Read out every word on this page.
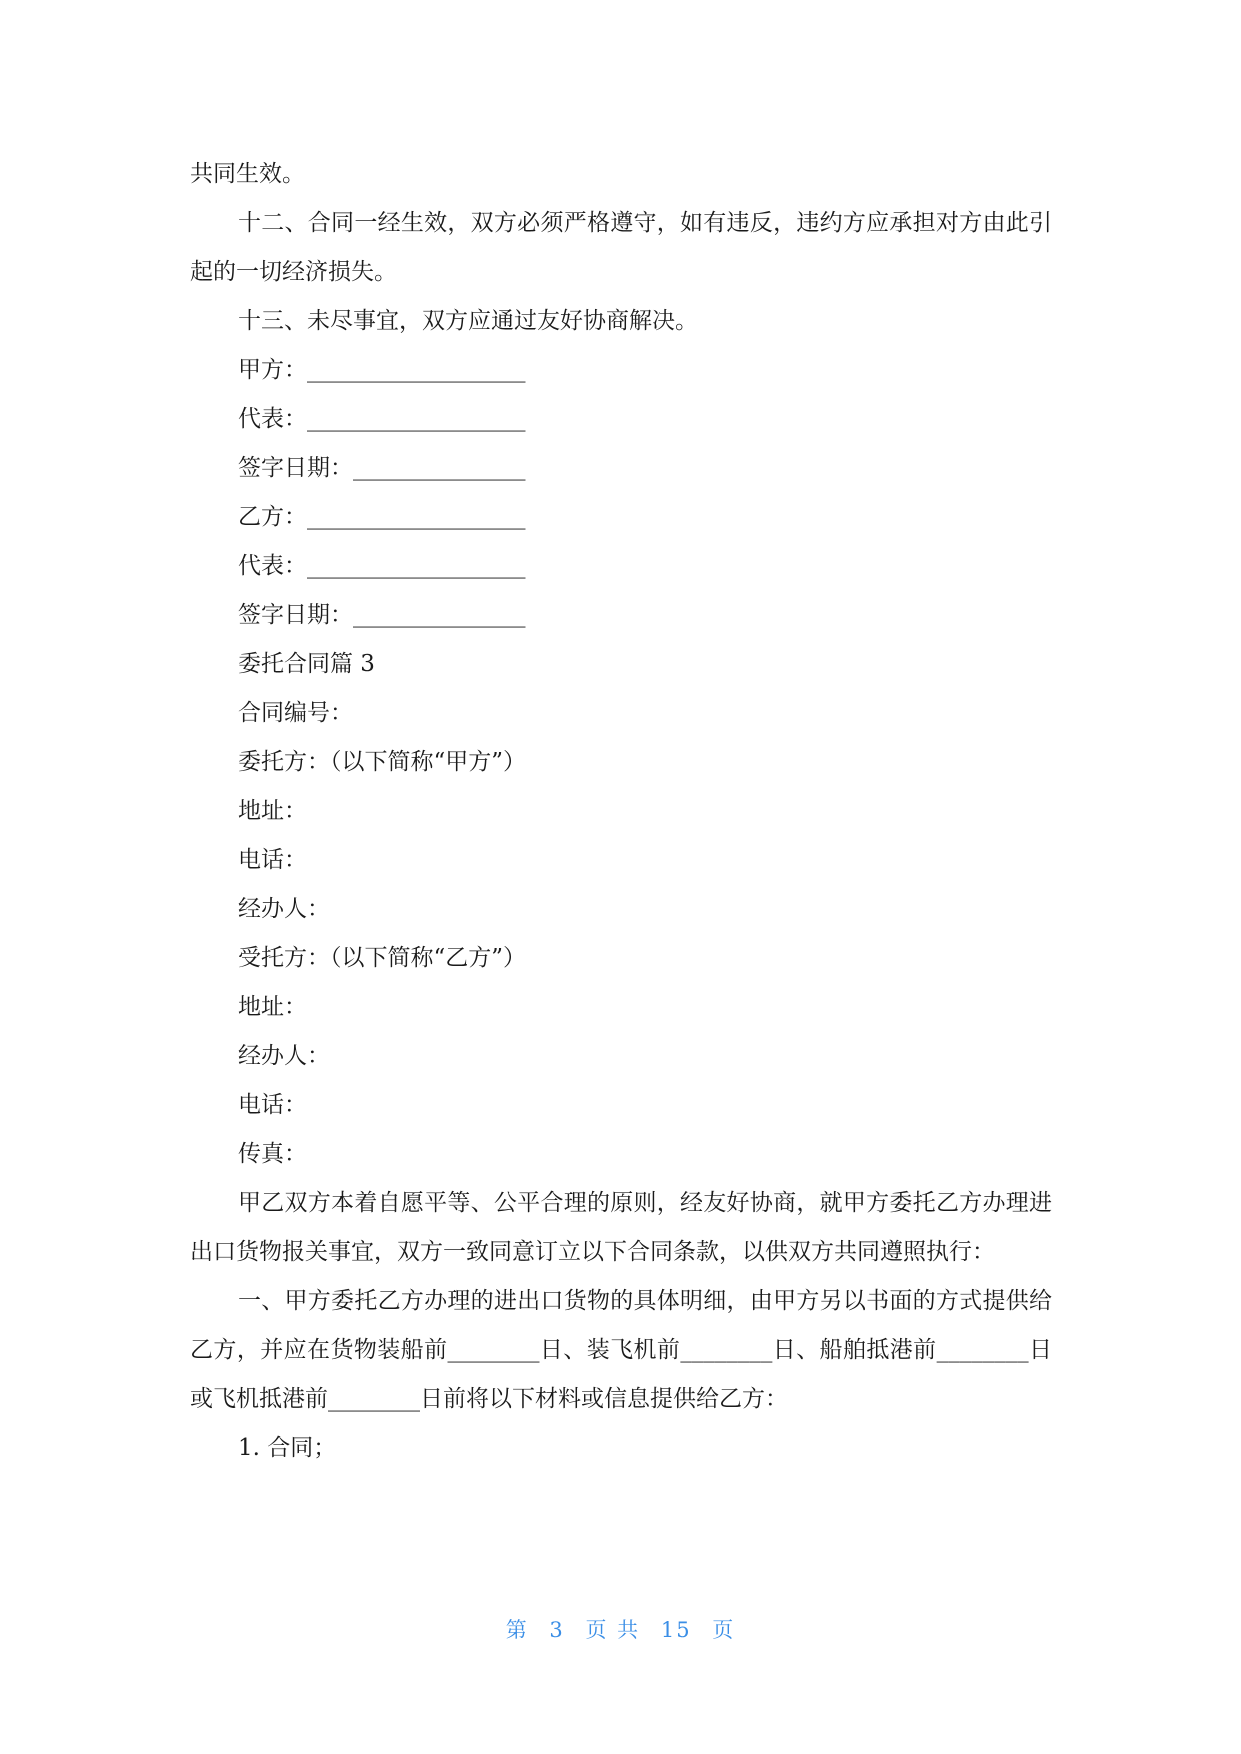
共同生效。

十二、合同一经生效，双方必须严格遵守，如有违反，违约方应承担对方由此引起的一切经济损失。

十三、未尽事宜，双方应通过友好协商解决。

甲方：___________________

代表：___________________

签字日期：_______________

乙方：___________________

代表：___________________

签字日期：_______________

委托合同篇 3

合同编号：

委托方：（以下简称“甲方”）

地址：

电话：

经办人：

受托方：（以下简称“乙方”）

地址：

经办人：

电话：

传真：

甲乙双方本着自愿平等、公平合理的原则，经友好协商，就甲方委托乙方办理进出口货物报关事宜，双方一致同意订立以下合同条款，以供双方共同遵照执行：

一、甲方委托乙方办理的进出口货物的具体明细，由甲方另以书面的方式提供给乙方，并应在货物装船前________日、装飞机前________日、船舶抵港前________日或飞机抵港前________日前将以下材料或信息提供给乙方：

1. 合同；

第 3 页 共 15 页
